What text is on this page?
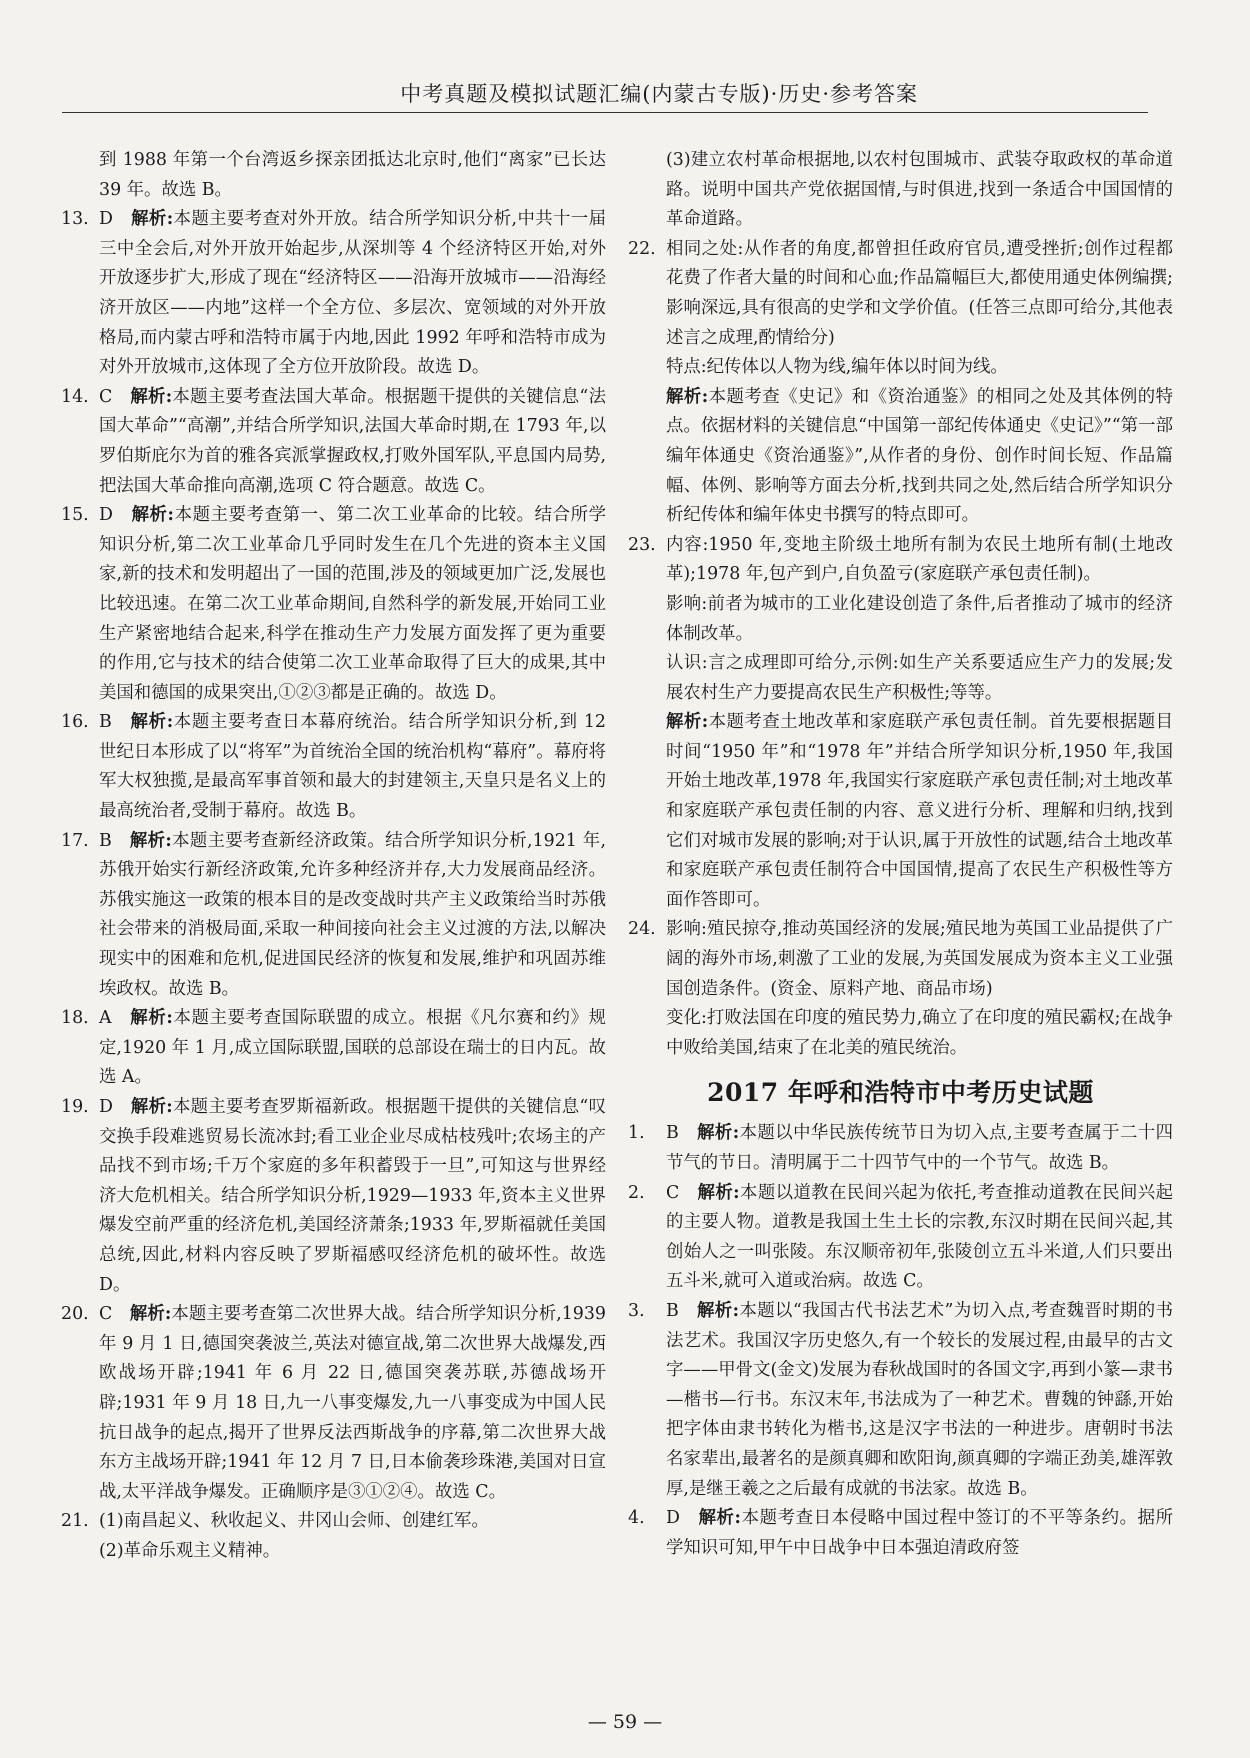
中考真题及模拟试题汇编(内蒙古专版)·历史·参考答案
到 1988 年第一个台湾返乡探亲团抵达北京时,他们“离家”已长达 39 年。故选 B。
13. D　 解析:本题主要考查对外开放。结合所学知识分析,中共十一届三中全会后,对外开放开始起步,从深圳等 4 个经济特区开始,对外开放逐步扩大,形成了现在“经济特区——沿海开放城市——沿海经济开放区——内地”这样一个全方位、多层次、宽领域的对外开放格局,而内蒙古呼和浩特市属于内地,因此 1992 年呼和浩特市成为对外开放城市,这体现了全方位开放阶段。故选 D。
14. C　 解析:本题主要考查法国大革命。根据题干提供的关键信息“法国大革命”“高潮”,并结合所学知识,法国大革命时期,在 1793 年,以罗伯斯庇尔为首的雅各宾派掌握政权,打败外国军队,平息国内局势,把法国大革命推向高潮,选项 C 符合题意。故选 C。
15. D　 解析:本题主要考查第一、第二次工业革命的比较。结合所学知识分析,第二次工业革命几乎同时发生在几个先进的资本主义国家,新的技术和发明超出了一国的范围,涉及的领域更加广泛,发展也比较迅速。在第二次工业革命期间,自然科学的新发展,开始同工业生产紧密地结合起来,科学在推动生产力发展方面发挥了更为重要的作用,它与技术的结合使第二次工业革命取得了巨大的成果,其中美国和德国的成果突出,①②③都是正确的。故选 D。
16. B　 解析:本题主要考查日本幕府统治。结合所学知识分析,到 12 世纪日本形成了以“将军”为首统治全国的统治机构“幕府”。幕府将军大权独揽,是最高军事首领和最大的封建领主,天皇只是名义上的最高统治者,受制于幕府。故选 B。
17. B　 解析:本题主要考查新经济政策。结合所学知识分析,1921 年,苏俄开始实行新经济政策,允许多种经济并存,大力发展商品经济。苏俄实施这一政策的根本目的是改变战时共产主义政策给当时苏俄社会带来的消极局面,采取一种间接向社会主义过渡的方法,以解决现实中的困难和危机,促进国民经济的恢复和发展,维护和巩固苏维埃政权。故选 B。
18. A　 解析:本题主要考查国际联盟的成立。根据《凡尔赛和约》规定,1920 年 1 月,成立国际联盟,国联的总部设在瑞士的日内瓦。故选 A。
19. D　 解析:本题主要考查罗斯福新政。根据题干提供的关键信息“叹交换手段难逃贸易长流冰封;看工业企业尽成枯枝残叶;农场主的产品找不到市场;千万个家庭的多年积蓄毁于一旦”,可知这与世界经济大危机相关。结合所学知识分析,1929—1933 年,资本主义世界爆发空前严重的经济危机,美国经济萧条;1933 年,罗斯福就任美国总统,因此,材料内容反映了罗斯福感叹经济危机的破坏性。故选 D。
20. C　 解析:本题主要考查第二次世界大战。结合所学知识分析,1939 年 9 月 1 日,德国突袭波兰,英法对德宣战,第二次世界大战爆发,西欧战场开辟;1941 年 6 月 22 日,德国突袭苏联,苏德战场开辟;1931 年 9 月 18 日,九一八事变爆发,九一八事变成为中国人民抗日战争的起点,揭开了世界反法西斯战争的序幕,第二次世界大战东方主战场开辟;1941 年 12 月 7 日,日本偷袭珍珠港,美国对日宣战,太平洋战争爆发。正确顺序是③①②④。故选 C。
21. (1)南昌起义、秋收起义、井冈山会师、创建红军。
(2)革命乐观主义精神。
(3)建立农村革命根据地,以农村包围城市、武装夺取政权的革命道路。说明中国共产党依据国情,与时俱进,找到一条适合中国国情的革命道路。
22. 相同之处:从作者的角度,都曾担任政府官员,遭受挫折;创作过程都花费了作者大量的时间和心血;作品篇幅巨大,都使用通史体例编撰;影响深远,具有很高的史学和文学价值。(任答三点即可给分,其他表述言之成理,酌情给分)
特点:纪传体以人物为线,编年体以时间为线。
解析:本题考查《史记》和《资治通鉴》的相同之处及其体例的特点。依据材料的关键信息“中国第一部纪传体通史《史记》”“第一部编年体通史《资治通鉴》”,从作者的身份、创作时间长短、作品篇幅、体例、影响等方面去分析,找到共同之处,然后结合所学知识分析纪传体和编年体史书撰写的特点即可。
23. 内容:1950 年,变地主阶级土地所有制为农民土地所有制(土地改革);1978 年,包产到户,自负盈亏(家庭联产承包责任制)。
影响:前者为城市的工业化建设创造了条件,后者推动了城市的经济体制改革。
认识:言之成理即可给分,示例:如生产关系要适应生产力的发展;发展农村生产力要提高农民生产积极性;等等。
解析:本题考查土地改革和家庭联产承包责任制。首先要根据题目时间“1950 年”和“1978 年”并结合所学知识分析,1950 年,我国开始土地改革,1978 年,我国实行家庭联产承包责任制;对土地改革和家庭联产承包责任制的内容、意义进行分析、理解和归纳,找到它们对城市发展的影响;对于认识,属于开放性的试题,结合土地改革和家庭联产承包责任制符合中国国情,提高了农民生产积极性等方面作答即可。
24. 影响:殖民掠夺,推动英国经济的发展;殖民地为英国工业品提供了广阔的海外市场,刺激了工业的发展,为英国发展成为资本主义工业强国创造条件。(资金、原料产地、商品市场)
变化:打败法国在印度的殖民势力,确立了在印度的殖民霸权;在战争中败给美国,结束了在北美的殖民统治。
2017 年呼和浩特市中考历史试题
1. B　 解析:本题以中华民族传统节日为切入点,主要考查属于二十四节气的节日。清明属于二十四节气中的一个节气。故选 B。
2. C　 解析:本题以道教在民间兴起为依托,考查推动道教在民间兴起的主要人物。道教是我国土生土长的宗教,东汉时期在民间兴起,其创始人之一叫张陵。东汉顺帝初年,张陵创立五斗米道,人们只要出五斗米,就可入道或治病。故选 C。
3. B　 解析:本题以“我国古代书法艺术”为切入点,考查魏晋时期的书法艺术。我国汉字历史悠久,有一个较长的发展过程,由最早的古文字——甲骨文(金文)发展为春秋战国时的各国文字,再到小篆—隶书—楷书—行书。东汉末年,书法成为了一种艺术。曹魏的钟繇,开始把字体由隶书转化为楷书,这是汉字书法的一种进步。唐朝时书法名家辈出,最著名的是颜真卿和欧阳询,颜真卿的字端正劲美,雄浑敦厚,是继王羲之之后最有成就的书法家。故选 B。
4. D　 解析:本题考查日本侵略中国过程中签订的不平等条约。据所学知识可知,甲午中日战争中日本强迫清政府签
— 59 —
